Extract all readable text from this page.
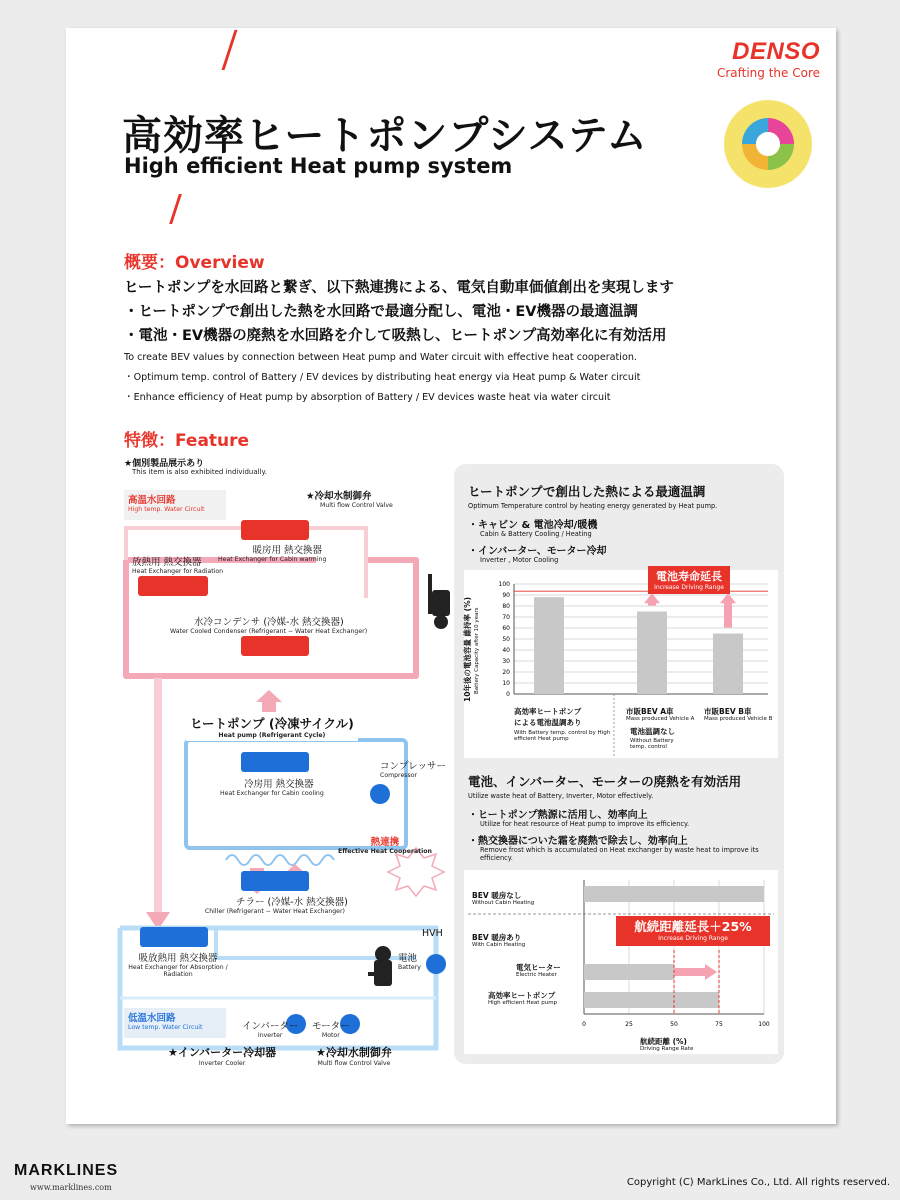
DENSO
Crafting the Core
高効率ヒートポンプシステム
High efficient Heat pump system
概要：Overview
ヒートポンプを水回路と繋ぎ、以下熱連携による、電気自動車価値創出を実現します
・ヒートポンプで創出した熱を水回路で最適分配し、電池・EV機器の最適温調
・電池・EV機器の廃熱を水回路を介して吸熱し、ヒートポンプ高効率化に有効活用
To create BEV values by connection between Heat pump and Water circuit with effective heat cooperation.
・Optimum temp. control of Battery / EV devices by distributing heat energy via Heat pump & Water circuit
・Enhance efficiency of Heat pump by absorption of Battery / EV devices waste heat via water circuit
特徴：Feature
★個別製品展示あり
This item is also exhibited individually.
高温水回路
High temp. Water Circuit
★冷却水制御弁
Multi flow Control Valve
暖房用 熱交換器
Heat Exchanger for Cabin warming
放熱用 熱交換器
Heat Exchanger for Radiation
水冷コンデンサ (冷媒-水 熱交換器)
Water Cooled Condenser (Refrigerant − Water Heat Exchanger)
ヒートポンプ (冷凍サイクル)
Heat pump (Refrigerant Cycle)
コンプレッサー
Compressor
冷房用 熱交換器
Heat Exchanger for Cabin cooling
熱連携
Effective Heat Cooperation
チラー (冷媒-水 熱交換器)
Chiller (Refrigerant − Water Heat Exchanger)
HVH
電池
Battery
吸放熱用 熱交換器
Heat Exchanger for Absorption / Radiation
低温水回路
Low temp. Water Circuit	インバーター
Inverter
モーター
Motor
★インバーター冷却器
Inverter Cooler
★冷却水制御弁
Multi flow Control Valve
ヒートポンプで創出した熱による最適温調
Optimum Temperature control by heating energy generated by Heat pump.
・キャビン & 電池冷却/暖機
Cabin & Battery Cooling / Heating
・インバーター、モーター冷却
Inverter , Motor Cooling
0
10
20
30
40
50
60
70
80
90
100
10年後の電池容量 維持率 (%) Battery Capacity after 10 years
電池寿命延長
Increase Driving Range
高効率ヒートポンプ
による電池温調あり
With Battery temp. control by High efficient Heat pump
市販BEV A車
Mass produced Vehicle A
市販BEV B車
Mass produced Vehicle B
電池温調なし
Without Battery temp. control
電池、インバーター、モーターの廃熱を有効活用
Utilize waste heat of Battery, Inverter, Motor effectively.
・ヒートポンプ熱源に活用し、効率向上
Utilize for heat resource of Heat pump to improve its efficiency.
・熱交換器についた霜を廃熱で除去し、効率向上
Remove frost which is accumulated on Heat exchanger by waste heat to improve its efficiency.
0	25	50	75	100
BEV 暖房なし
Without Cabin Heating
BEV 暖房あり
With Cabin Heating
電気ヒーター
Electric Heater
高効率ヒートポンプ
High efficient Heat pump
航続距離延長＋25%
Increase Driving Range
航続距離 (%)
Driving Range Rate
MARKLINES
www.marklines.com	Copyright (C) MarkLines Co., Ltd. All rights reserved.
